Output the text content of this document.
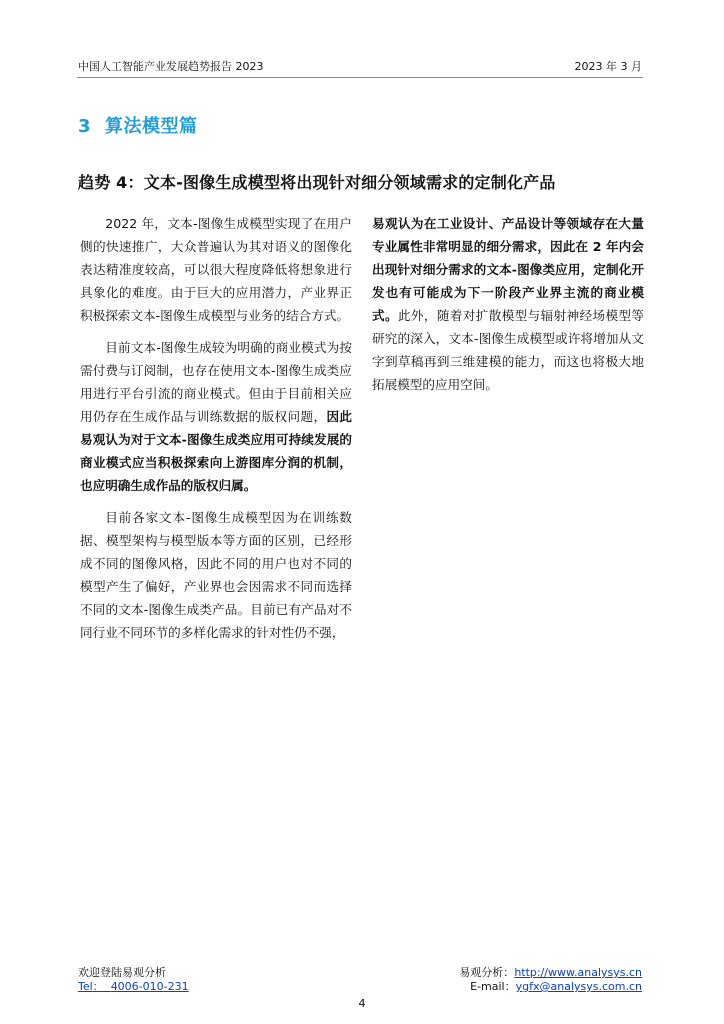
中国人工智能产业发展趋势报告 2023	2023 年 3 月
3 算法模型篇
趋势 4：文本-图像生成模型将出现针对细分领域需求的定制化产品

2022 年，文本-图像生成模型实现了在用户侧的快速推广，大众普遍认为其对语义的图像化表达精准度较高，可以很大程度降低将想象进行具象化的难度。由于巨大的应用潜力，产业界正积极探索文本-图像生成模型与业务的结合方式。

目前文本-图像生成较为明确的商业模式为按需付费与订阅制，也存在使用文本-图像生成类应用进行平台引流的商业模式。但由于目前相关应用仍存在生成作品与训练数据的版权问题，因此易观认为对于文本-图像生成类应用可持续发展的商业模式应当积极探索向上游图库分润的机制，也应明确生成作品的版权归属。

目前各家文本-图像生成模型因为在训练数据、模型架构与模型版本等方面的区别，已经形成不同的图像风格，因此不同的用户也对不同的模型产生了偏好，产业界也会因需求不同而选择不同的文本-图像生成类产品。目前已有产品对不同行业不同环节的多样化需求的针对性仍不强，

易观认为在工业设计、产品设计等领域存在大量专业属性非常明显的细分需求，因此在 2 年内会出现针对细分需求的文本-图像类应用，定制化开发也有可能成为下一阶段产业界主流的商业模式。此外，随着对扩散模型与辐射神经场模型等研究的深入，文本-图像生成模型或许将增加从文字到草稿再到三维建模的能力，而这也将极大地拓展模型的应用空间。

欢迎登陆易观分析
Tel： 4006-010-231
易观分析：http://www.analysys.cn
E-mail：ygfx@analysys.com.cn
4
